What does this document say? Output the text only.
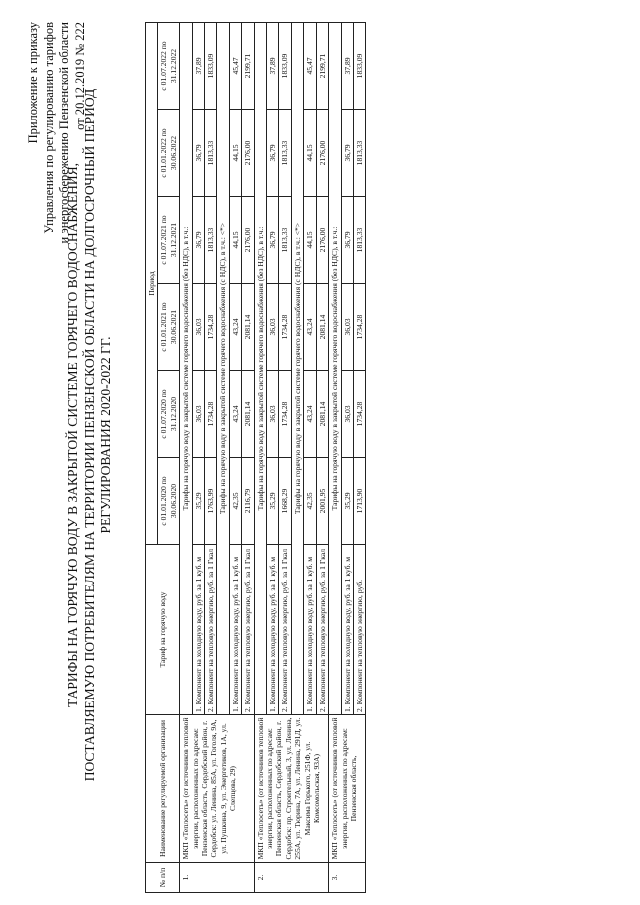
Приложение к приказу Управления по регулированию тарифов и энергосбережению Пензенской области от 20.12.2019 № 222
ТАРИФЫ НА ГОРЯЧУЮ ВОДУ В ЗАКРЫТОЙ СИСТЕМЕ ГОРЯЧЕГО ВОДОСНАБЖЕНИЯ, ПОСТАВЛЯЕМУЮ ПОТРЕБИТЕЛЯМ НА ТЕРРИТОРИИ ПЕНЗЕНСКОЙ ОБЛАСТИ НА ДОЛГОСРОЧНЫЙ ПЕРИОД РЕГУЛИРОВАНИЯ 2020-2022 ГГ.
№ п/п	Наименование регулируемой организации	Тариф на горячую воду	Период					
			с 01.01.2020 по 30.06.2020	с 01.07.2020 по 31.12.2020	с 01.01.2021 по 30.06.2021	с 01.07.2021 по 31.12.2021	с 01.01.2022 по 30.06.2022	с 01.07.2022 по 31.12.2022
1.	МКП «Теплосеть» (от источников тепловой энергии, расположенных по адресам: Пензенская область, Сердобский район, г. Сердобск: ул. Ленина, 85А, ул. Гоголя, 9А, ул. Пушкина, 9, ул. Энергетиков, 1А, ул. Слепцова, 29)	Тарифы на горячую воду в закрытой системе горячего водоснабжения (без НДС), в т.ч.:						
		1. Компонент на холодную воду, руб. за 1 куб. м	35,29	36,03	36,03	36,79	36,79	37,89
		2. Компонент на тепловую энергию, руб. за 1 Гкал	1763,99	1734,28	1734,28	1813,33	1813,33	1833,09
		Тарифы на горячую воду в закрытой системе горячего водоснабжения (с НДС), в т.ч.: <*>						
		1. Компонент на холодную воду, руб. за 1 куб. м	42,35	43,24	43,24	44,15	44,15	45,47
		2. Компонент на тепловую энергию, руб. за 1 Гкал	2116,79	2081,14	2081,14	2176,00	2176,00	2199,71
2.	МКП «Теплосеть» (от источников тепловой энергии, расположенных по адресам: Пензенская область, Сердобский район, г. Сердобск: пр. Строительный, 3, ул. Ленина, 255А, ул. Тюрина, 7А, ул. Ленина, 291Д, ул. Максима Горького, 251Ф, ул. Комсомольская, 93А)	Тарифы на горячую воду в закрытой системе горячего водоснабжения (без НДС), в т.ч.:						
		1. Компонент на холодную воду, руб. за 1 куб. м	35,29	36,03	36,03	36,79	36,79	37,89
		2. Компонент на тепловую энергию, руб. за 1 Гкал	1668,29	1734,28	1734,28	1813,33	1813,33	1833,09
		Тарифы на горячую воду в закрытой системе горячего водоснабжения (с НДС), в т.ч.: <*>						
		1. Компонент на холодную воду, руб. за 1 куб. м	42,35	43,24	43,24	44,15	44,15	45,47
		2. Компонент на тепловую энергию, руб. за 1 Гкал	2001,95	2081,14	2081,14	2176,00	2176,00	2199,71
3.	МКП «Теплосеть» (от источников тепловой энергии, расположенных по адресам: Пензенская область,	Тарифы на горячую воду в закрытой системе горячего водоснабжения (без НДС), в т.ч.:						
		1. Компонент на холодную воду, руб. за 1 куб. м	35,29	36,03	36,03	36,79	36,79	37,89
		2. Компонент на тепловую энергию, руб.	1713,90	1734,28	1734,28	1813,33	1813,33	1833,09
